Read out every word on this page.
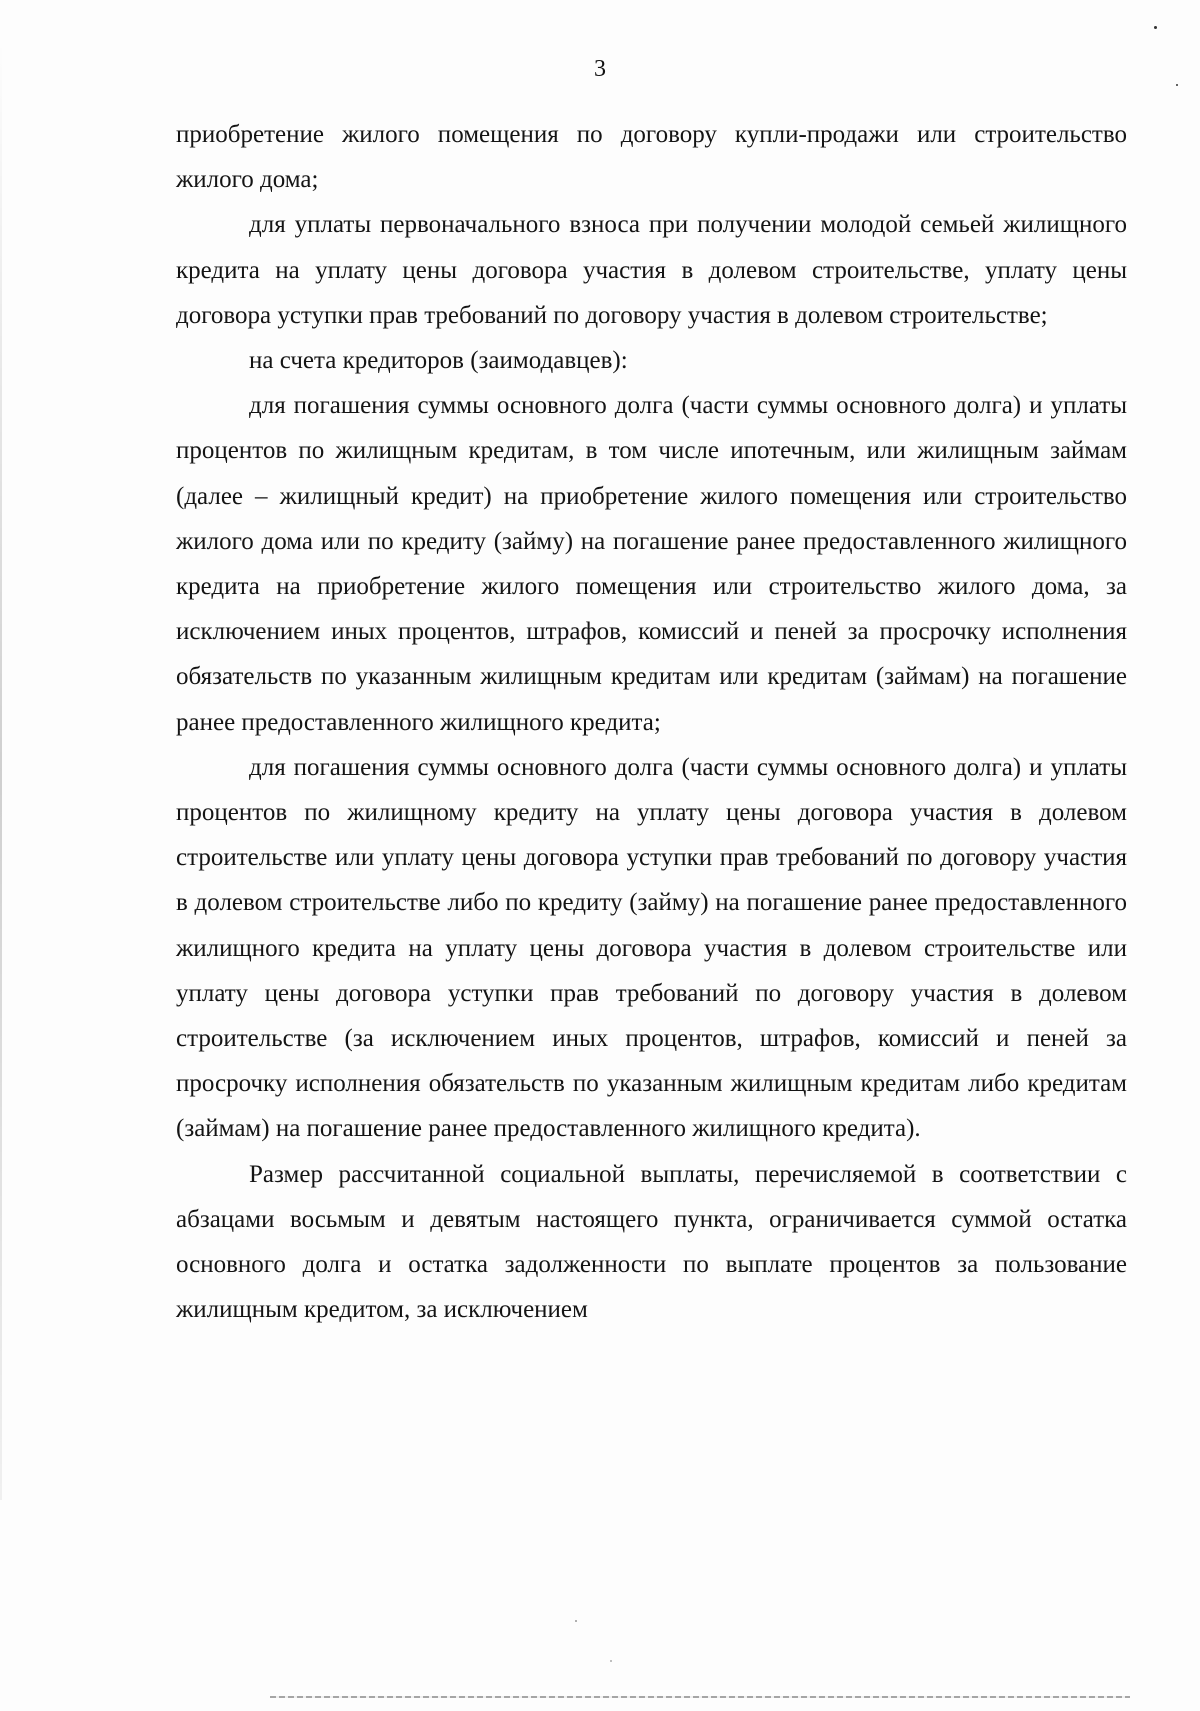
3

приобретение жилого помещения по договору купли-продажи или строительство жилого дома;

для уплаты первоначального взноса при получении молодой семьей жилищного кредита на уплату цены договора участия в долевом строительстве, уплату цены договора уступки прав требований по договору участия в долевом строительстве;

на счета кредиторов (заимодавцев):

для погашения суммы основного долга (части суммы основного долга) и уплаты процентов по жилищным кредитам, в том числе ипотечным, или жилищным займам (далее – жилищный кредит) на приобретение жилого помещения или строительство жилого дома или по кредиту (займу) на погашение ранее предоставленного жилищного кредита на приобретение жилого помещения или строительство жилого дома, за исключением иных процентов, штрафов, комиссий и пеней за просрочку исполнения обязательств по указанным жилищным кредитам или кредитам (займам) на погашение ранее предоставленного жилищного кредита;

для погашения суммы основного долга (части суммы основного долга) и уплаты процентов по жилищному кредиту на уплату цены договора участия в долевом строительстве или уплату цены договора уступки прав требований по договору участия в долевом строительстве либо по кредиту (займу) на погашение ранее предоставленного жилищного кредита на уплату цены договора участия в долевом строительстве или уплату цены договора уступки прав требований по договору участия в долевом строительстве (за исключением иных процентов, штрафов, комиссий и пеней за просрочку исполнения обязательств по указанным жилищным кредитам либо кредитам (займам) на погашение ранее предоставленного жилищного кредита).

Размер рассчитанной социальной выплаты, перечисляемой в соответствии с абзацами восьмым и девятым настоящего пункта, ограничивается суммой остатка основного долга и остатка задолженности по выплате процентов за пользование жилищным кредитом, за исключением
